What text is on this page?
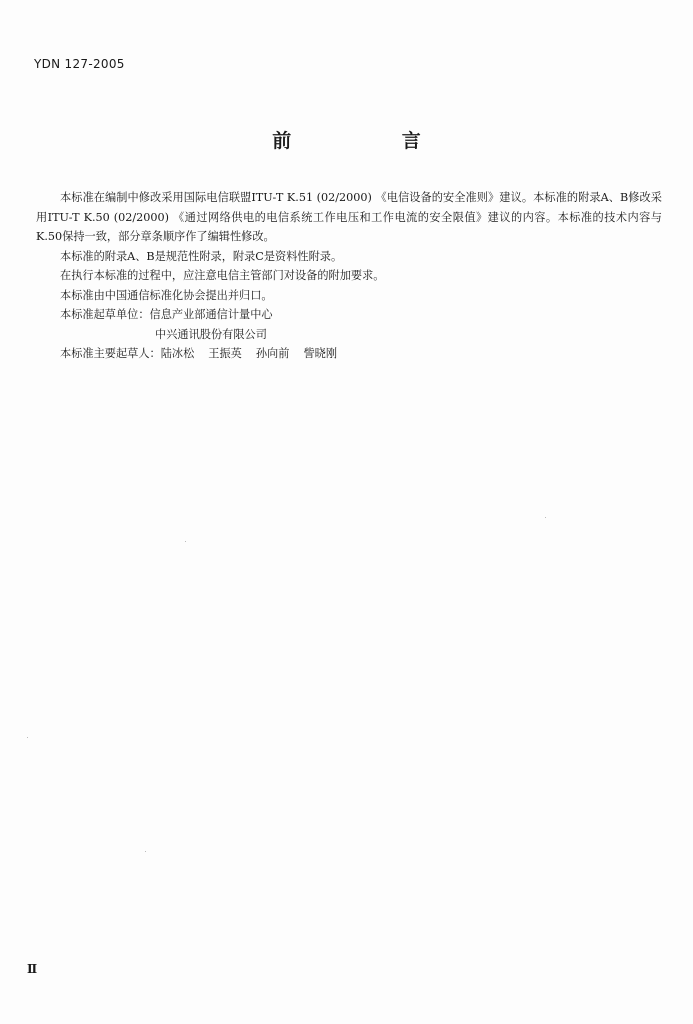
YDN 127-2005
前 言

本标准在编制中修改采用国际电信联盟ITU-T K.51 (02/2000) 《电信设备的安全准则》建议。本标准的附录A、B修改采用ITU-T K.50 (02/2000) 《通过网络供电的电信系统工作电压和工作电流的安全限值》建议的内容。本标准的技术内容与K.50保持一致，部分章条顺序作了编辑性修改。

本标准的附录A、B是规范性附录，附录C是资料性附录。

在执行本标准的过程中，应注意电信主管部门对设备的附加要求。

本标准由中国通信标准化协会提出并归口。

本标准起草单位：信息产业部通信计量中心

中兴通讯股份有限公司

本标准主要起草人：陆冰松 王振英 孙向前 訾晓刚

Ⅱ
